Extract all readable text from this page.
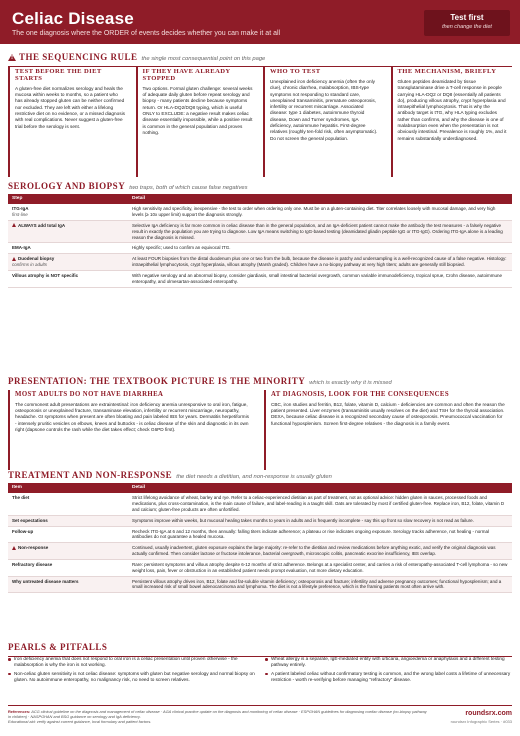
Celiac Disease
The one diagnosis where the ORDER of events decides whether you can make it at all
Test first
then change the diet
!THE SEQUENCING RULE the single most consequential point on this page
TEST BEFORE THE DIET STARTS

A gluten-free diet normalizes serology and heals the mucosa within weeks to months, so a patient who has already stopped gluten can be neither confirmed nor excluded. They are left with either a lifelong restrictive diet on no evidence, or a missed diagnosis with real complications. Never suggest a gluten-free trial before the serology is sent.

IF THEY HAVE ALREADY STOPPED

Two options. Formal gluten challenge: several weeks of adequate daily gluten before repeat serology and biopsy - many patients decline because symptoms return. Or HLA-DQ2/DQ8 typing, which is useful ONLY to EXCLUDE: a negative result makes celiac disease essentially impossible, while a positive result is common in the general population and proves nothing.

WHO TO TEST

Unexplained iron deficiency anemia (often the only clue), chronic diarrhea, malabsorption, IBS-type symptoms not responding to standard care, unexplained transaminitis, premature osteoporosis, infertility or recurrent miscarriage. Associated disease: type 1 diabetes, autoimmune thyroid disease, Down and Turner syndromes, IgA deficiency, autoimmune hepatitis. First-degree relatives (roughly ten-fold risk, often asymptomatic). Do not screen the general population.

THE MECHANISM, BRIEFLY

Gluten peptides deamidated by tissue transglutaminase drive a T-cell response in people carrying HLA-DQ2 or DQ8 (essentially all patients do), producing villous atrophy, crypt hyperplasia and intraepithelial lymphocytosis. That is why the antibody target is tTG, why HLA typing excludes rather than confirms, and why the disease is one of malabsorption even when the presentation is not obviously intestinal. Prevalence is roughly 1%, and it remains substantially underdiagnosed.

SEROLOGY AND BIOPSY two traps, both of which cause false negatives
Step	Detail
tTG-IgA
first-line	High sensitivity and specificity, inexpensive - the test to order when ordering only one. Must be on a gluten-containing diet. Titer correlates loosely with mucosal damage, and very high levels (≥ 10x upper limit) support the diagnosis strongly.
ALWAYS add total IgA	Selective IgA deficiency is far more common in celiac disease than in the general population, and an IgA-deficient patient cannot make the antibody the test measures - a falsely negative result in exactly the population you are trying to diagnose. Low IgA means switching to IgG-based testing (deamidated gliadin peptide IgG or tTG-IgG). Ordering tTG-IgA alone is a leading reason the diagnosis is missed.
EMA-IgA	Highly specific; used to confirm an equivocal tTG.
Duodenal biopsy
confirms in adults	At least FOUR biopsies from the distal duodenum plus one or two from the bulb, because the disease is patchy and undersampling is a well-recognized cause of a false negative. Histology: intraepithelial lymphocytosis, crypt hyperplasia, villous atrophy (Marsh graded). Children have a no-biopsy pathway at very high titers; adults are generally still biopsied.
Villous atrophy is NOT specific	With negative serology and an abnormal biopsy, consider giardiasis, small intestinal bacterial overgrowth, common variable immunodeficiency, tropical sprue, Crohn disease, autoimmune enteropathy, and olmesartan-associated enteropathy.
PRESENTATION: THE TEXTBOOK PICTURE IS THE MINORITY which is exactly why it is missed
MOST ADULTS DO NOT HAVE DIARRHEA

The commonest adult presentations are extraintestinal: iron deficiency anemia unresponsive to oral iron, fatigue, osteoporosis or unexplained fracture, transaminase elevation, infertility or recurrent miscarriage, neuropathy, headache. GI symptoms when present are often bloating and pain labeled IBS for years. Dermatitis herpetiformis - intensely pruritic vesicles on elbows, knees and buttocks - is celiac disease of the skin and diagnostic in its own right (dapsone controls the rash while the diet takes effect; check G6PD first).

AT DIAGNOSIS, LOOK FOR THE CONSEQUENCES

CBC, iron studies and ferritin, B12, folate, vitamin D, calcium - deficiencies are common and often the reason the patient presented. Liver enzymes (transaminitis usually resolves on the diet) and TSH for the thyroid association. DEXA, because celiac disease is a recognized secondary cause of osteoporosis. Pneumococcal vaccination for functional hyposplenism. Screen first-degree relatives - the diagnosis is a family event.

TREATMENT AND NON-RESPONSE the diet needs a dietitian, and non-response is usually gluten
Item	Detail
The diet	Strict lifelong avoidance of wheat, barley and rye. Refer to a celiac-experienced dietitian as part of treatment, not as optional advice: hidden gluten in sauces, processed foods and medications, plus cross-contamination, is the main cause of failure, and label-reading is a taught skill. Oats are tolerated by most if certified gluten-free. Replace iron, B12, folate, vitamin D and calcium; gluten-free products are often unfortified.
Set expectations	Symptoms improve within weeks, but mucosal healing takes months to years in adults and is frequently incomplete - say this up front so slow recovery is not read as failure.
Follow-up	Recheck tTG-IgA at 6 and 12 months, then annually: falling titers indicate adherence; a plateau or rise indicates ongoing exposure. Serology tracks adherence, not healing - normal antibodies do not guarantee a healed mucosa.
Non-response	Continued, usually inadvertent, gluten exposure explains the large majority: re-refer to the dietitian and review medications before anything exotic, and verify the original diagnosis was actually confirmed. Then consider lactose or fructose intolerance, bacterial overgrowth, microscopic colitis, pancreatic exocrine insufficiency, IBS overlap.
Refractory disease	Rare: persistent symptoms and villous atrophy despite 6-12 months of strict adherence. Belongs at a specialist center, and carries a risk of enteropathy-associated T-cell lymphoma - so new weight loss, pain, fever or obstruction in an established patient needs prompt evaluation, not more dietary education.
Why untreated disease matters	Persistent villous atrophy drives iron, B12, folate and fat-soluble vitamin deficiency; osteoporosis and fracture; infertility and adverse pregnancy outcomes; functional hyposplenism; and a small increased risk of small bowel adenocarcinoma and lymphoma. The diet is not a lifestyle preference, which is the framing patients most often arrive with.
PEARLS & PITFALLS
Iron deficiency anemia that does not respond to oral iron is a celiac presentation until proven otherwise - the malabsorption is why the iron is not working.
Non-celiac gluten sensitivity is not celiac disease: symptoms with gluten but negative serology and normal biopsy on gluten. No autoimmune enteropathy, no malignancy risk, no need to screen relatives.
Wheat allergy is a separate, IgE-mediated entity with urticaria, angioedema or anaphylaxis and a different testing pathway entirely.
A patient labeled celiac without confirmatory testing is common, and the wrong label costs a lifetime of unnecessary restriction - worth re-verifying before managing "refractory" disease.
References: ACG clinical guideline on the diagnosis and management of celiac disease · AGA clinical practice update on the diagnosis and monitoring of celiac disease · ESPGHAN guidelines for diagnosing coeliac disease (no-biopsy pathway in children) · NASPGHAN and BSG guidance on serology and IgA deficiency.
Educational aid: verify against current guidance, local formulary and patient factors.
roundsrx.com
roundsrx Infographic Series · #033
